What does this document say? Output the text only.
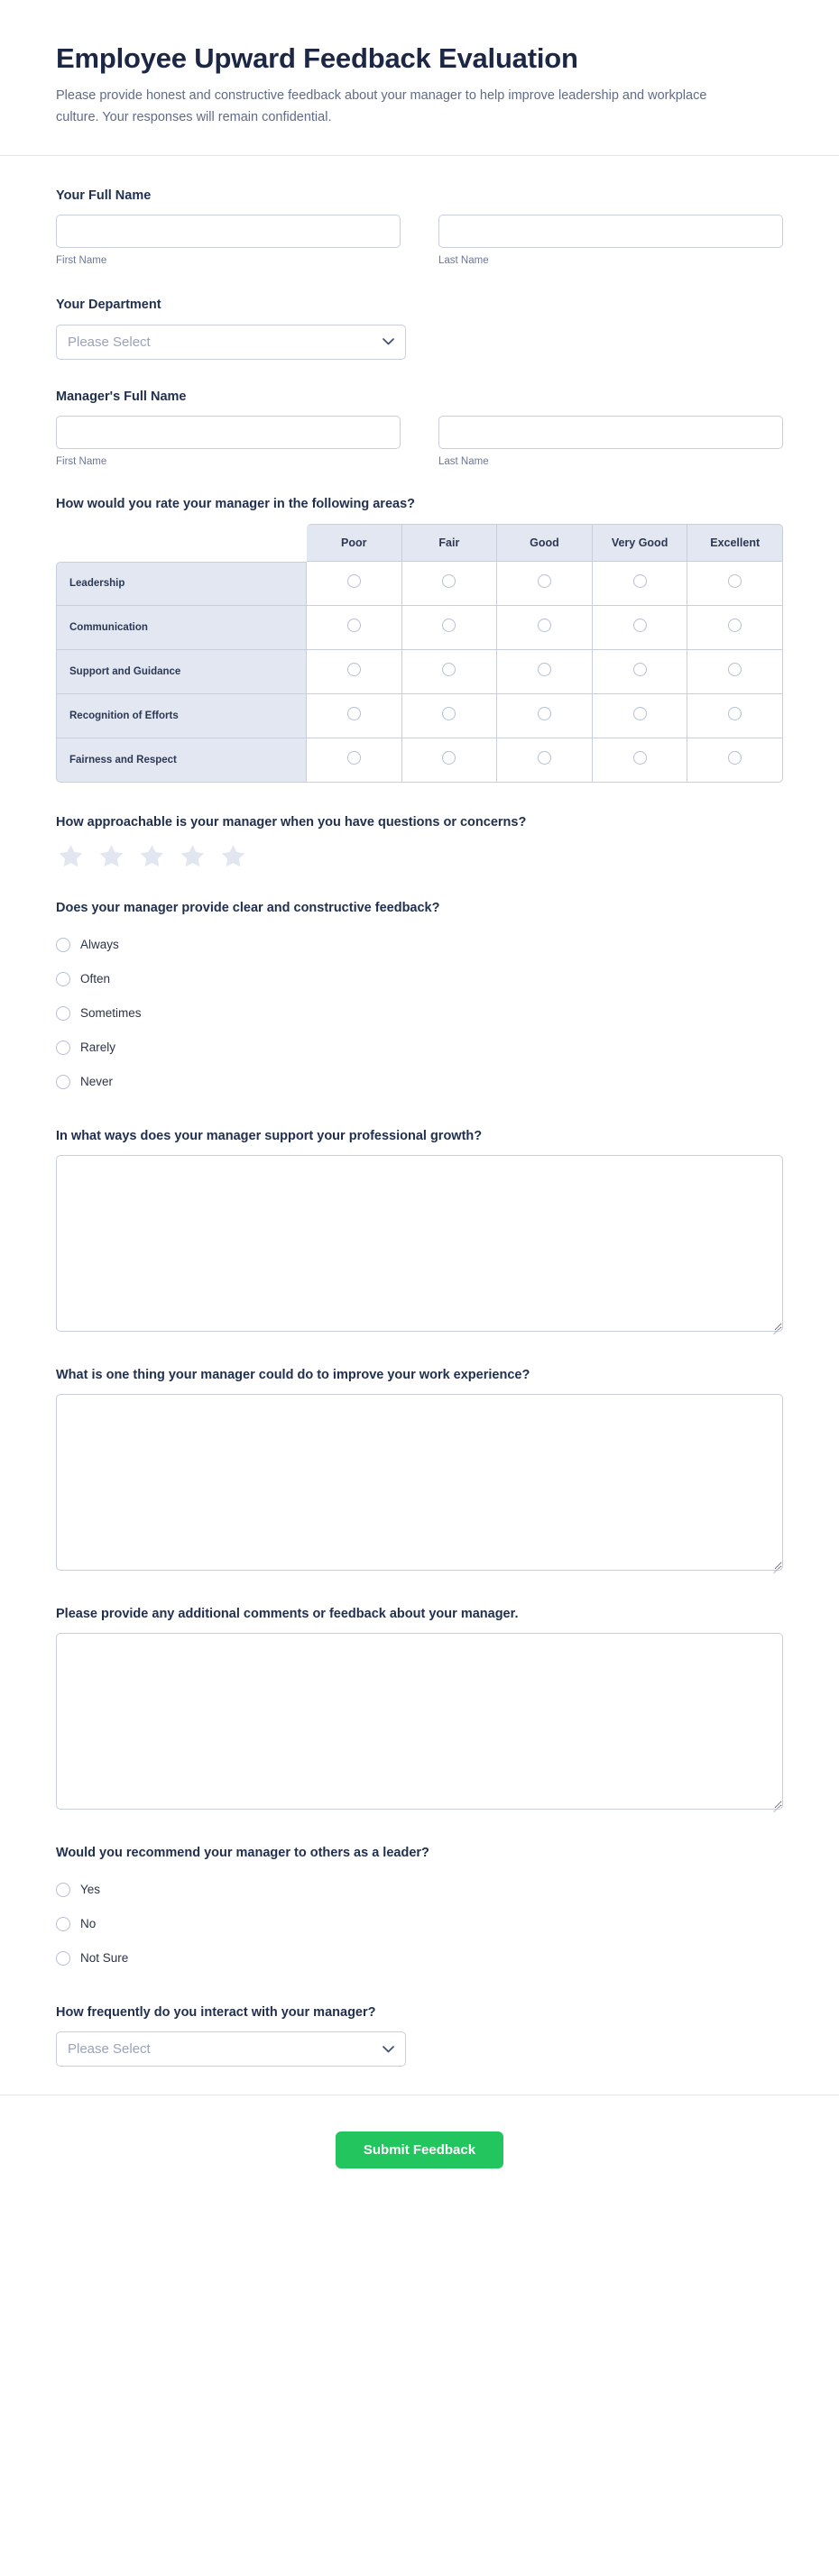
Employee Upward Feedback Evaluation

Please provide honest and constructive feedback about your manager to help improve leadership and workplace culture. Your responses will remain confidential.

Your Full Name
First Name	Last Name
Your Department
Please Select
Manager's Full Name
First Name	Last Name
How would you rate your manager in the following areas?
	Poor	Fair	Good	Very Good	Excellent
Leadership					
Communication					
Support and Guidance					
Recognition of Efforts					
Fairness and Respect					
How approachable is your manager when you have questions or concerns?
Does your manager provide clear and constructive feedback?
Always
Often
Sometimes
Rarely
Never
In what ways does your manager support your professional growth?
What is one thing your manager could do to improve your work experience?
Please provide any additional comments or feedback about your manager.
Would you recommend your manager to others as a leader?
Yes
No
Not Sure
How frequently do you interact with your manager?
Please Select
Submit Feedback
